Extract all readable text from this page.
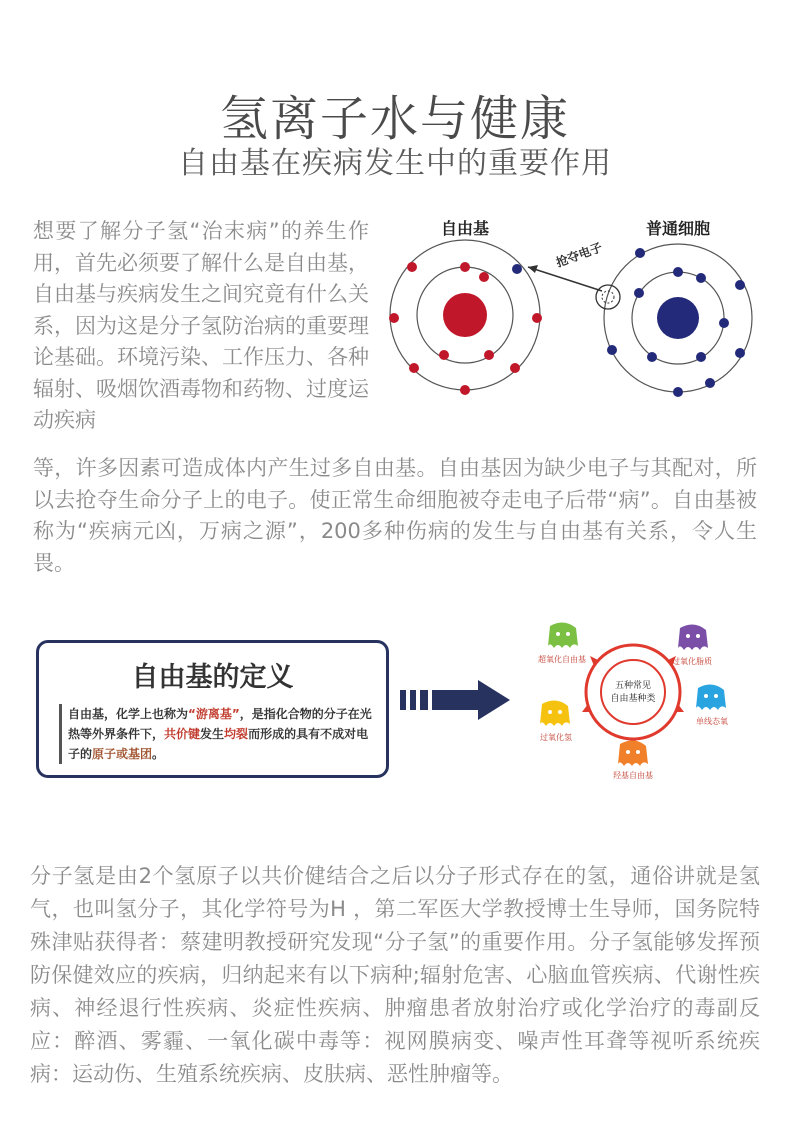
氢离子水与健康
自由基在疾病发生中的重要作用

想要了解分子氢“治末病”的养生作用，首先必须要了解什么是自由基，自由基与疾病发生之间究竟有什么关系，因为这是分子氢防治病的重要理论基础。环境污染、工作压力、各种辐射、吸烟饮酒毒物和药物、过度运动疾病

自由基	普通细胞
抢夺电子

等，许多因素可造成体内产生过多自由基。自由基因为缺少电子与其配对，所以去抢夺生命分子上的电子。使正常生命细胞被夺走电子后带“病”。自由基被称为“疾病元凶，万病之源”，200多种伤病的发生与自由基有关系，令人生畏。

自由基的定义
自由基，化学上也称为“游离基”，是指化合物的分子在光热等外界条件下，共价键发生均裂而形成的具有不成对电子的原子或基团。
五种常见
自由基种类
超氧化自由基	过氧化脂质
单线态氧
羟基自由基
过氧化氢

分子氢是由2个氢原子以共价健结合之后以分子形式存在的氢，通俗讲就是氢气，也叫氢分子，其化学符号为H ，第二军医大学教授博士生导师，国务院特殊津贴获得者：蔡建明教授研究发现“分子氢”的重要作用。分子氢能够发挥预防保健效应的疾病，归纳起来有以下病种;辐射危害、心脑血管疾病、代谢性疾病、神经退行性疾病、炎症性疾病、肿瘤患者放射治疗或化学治疗的毒副反应：醉酒、雾霾、一氧化碳中毒等：视网膜病变、噪声性耳聋等视听系统疾病：运动伤、生殖系统疾病、皮肤病、恶性肿瘤等。
